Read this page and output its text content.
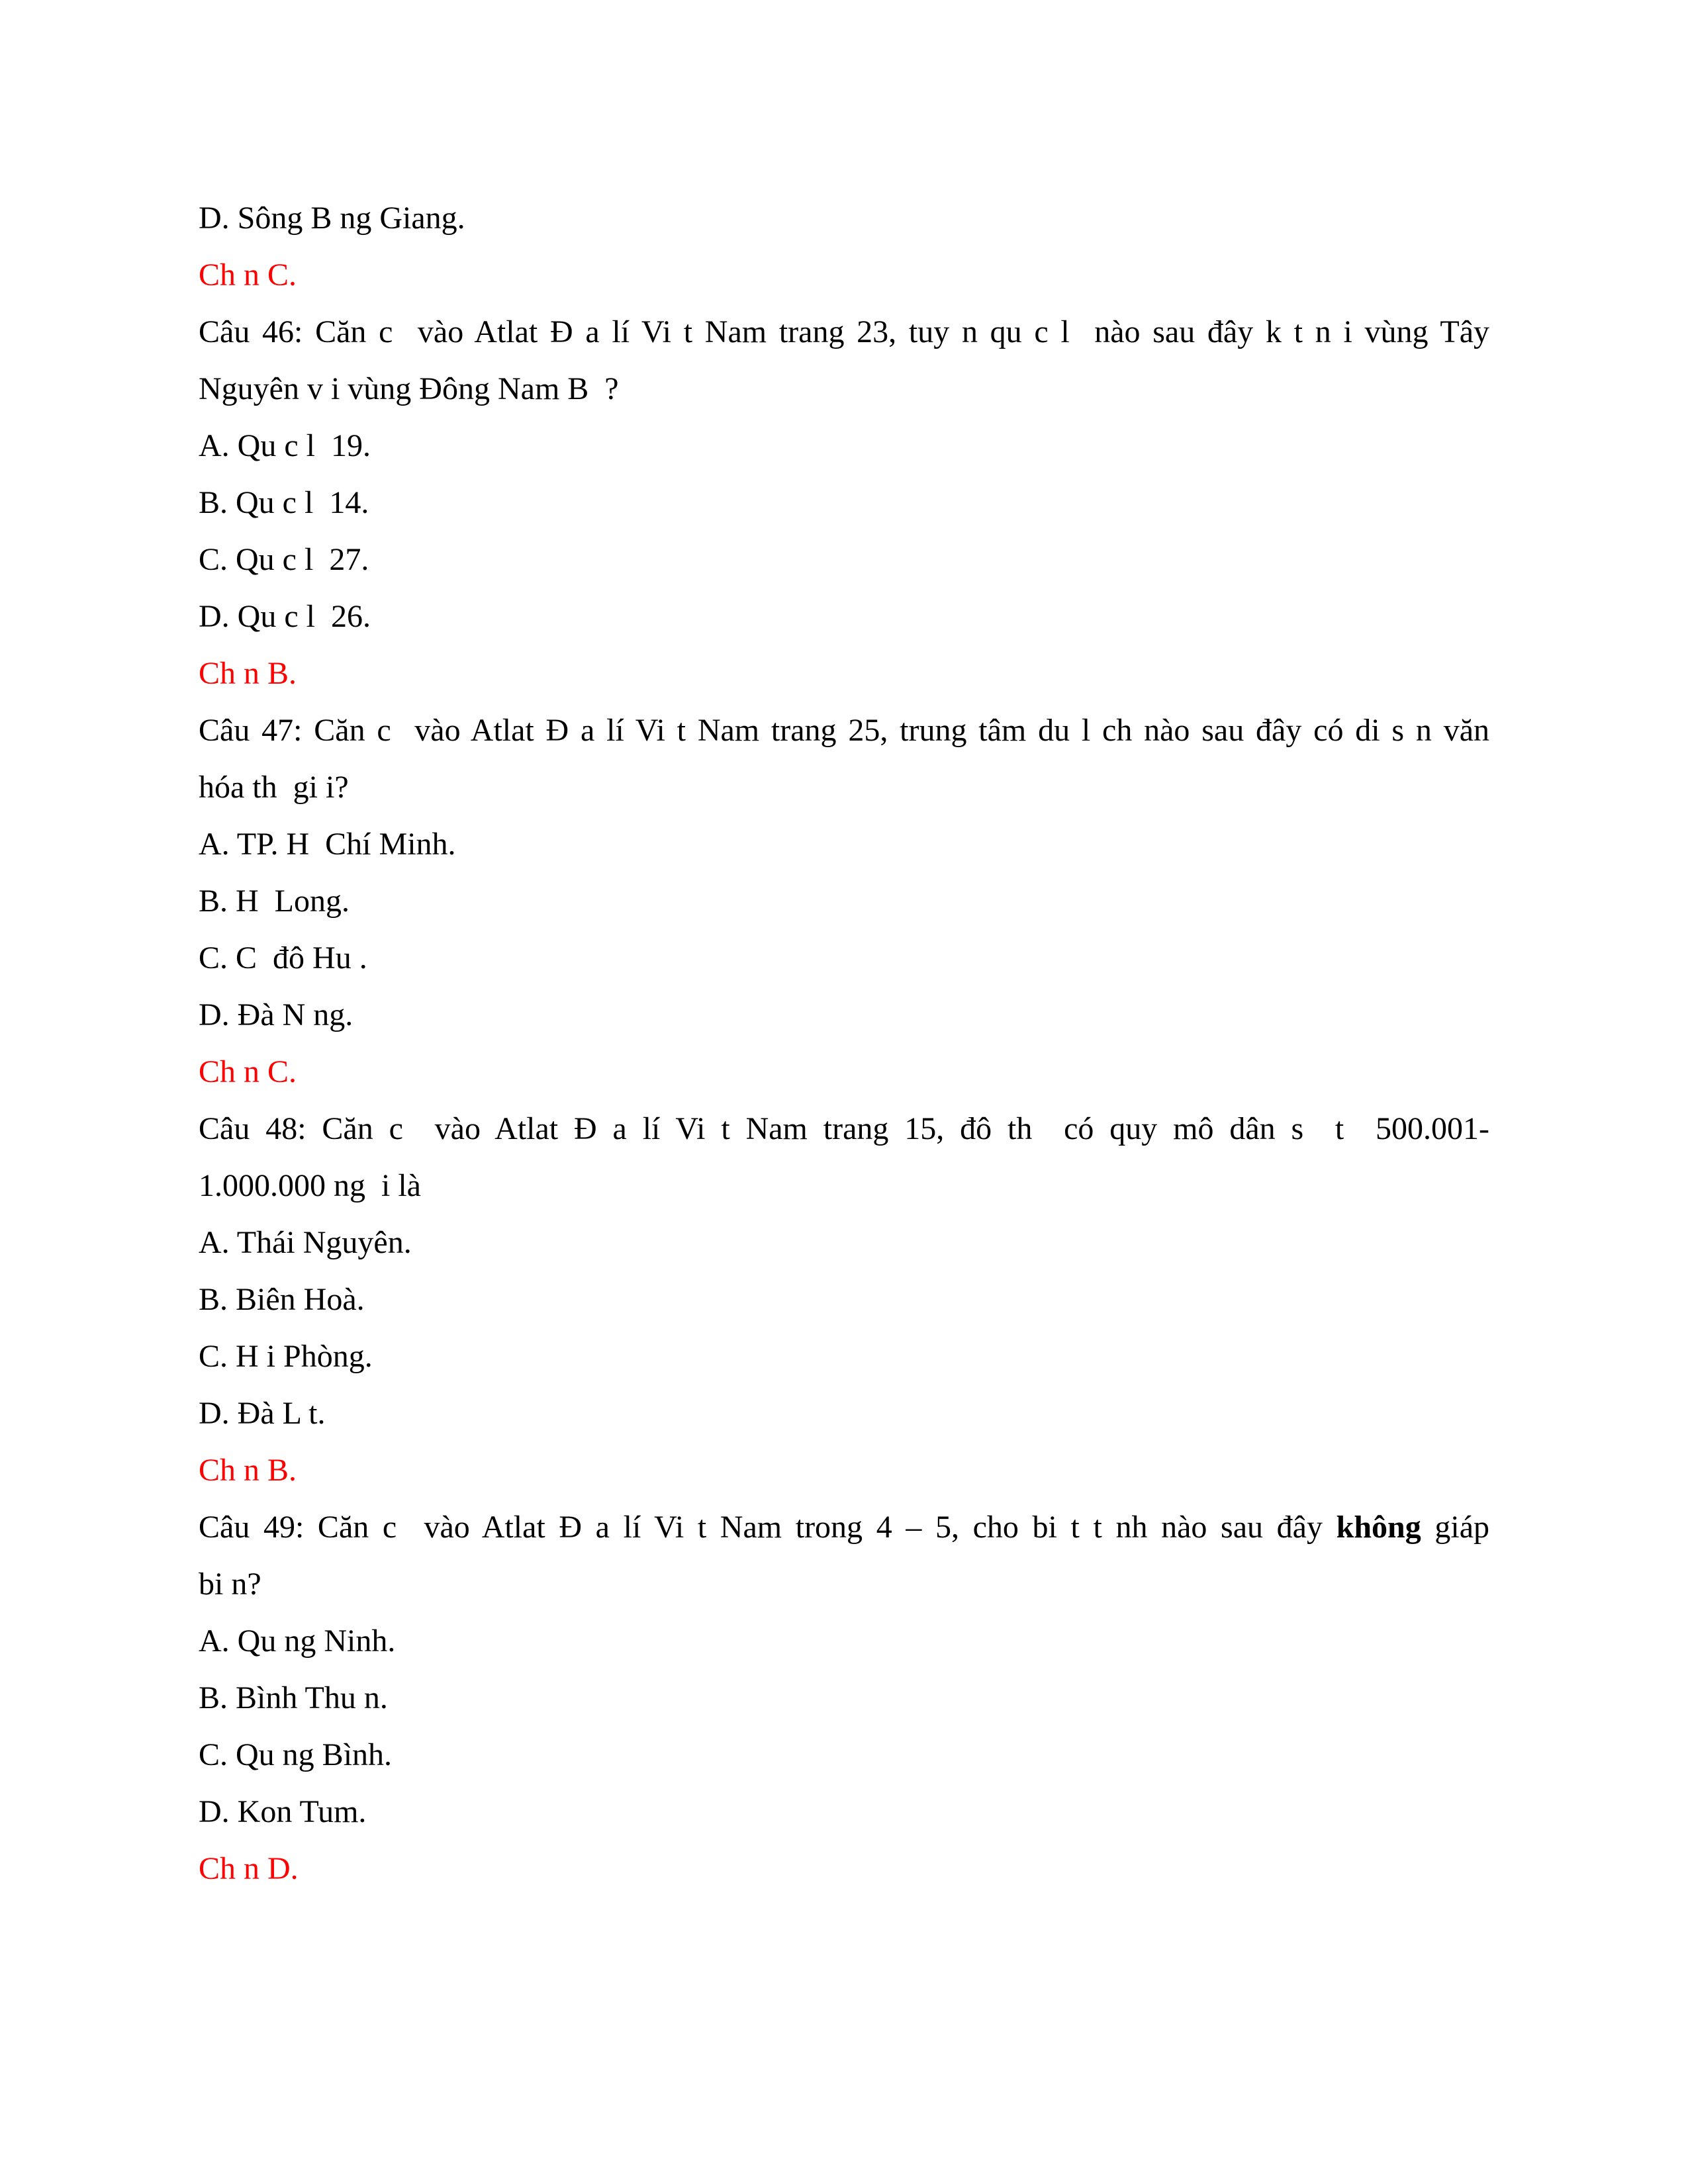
D. Sông B ng Giang.
Ch n C.
Câu 46: Căn c  vào Atlat Đ a lí Vi t Nam trang 23, tuy n qu c l  nào sau đây k t n i vùng Tây
Nguyên v i vùng Đông Nam B  ?
A. Qu c l  19.
B. Qu c l  14.
C. Qu c l  27.
D. Qu c l  26.
Ch n B.
Câu 47: Căn c  vào Atlat Đ a lí Vi t Nam trang 25, trung tâm du l ch nào sau đây có di s n văn
hóa th  gi i?
A. TP. H  Chí Minh.
B. H  Long.
C. C  đô Hu .
D. Đà N ng.
Ch n C.
Câu 48: Căn c  vào Atlat Đ a lí Vi t Nam trang 15, đô th  có quy mô dân s  t  500.001-
1.000.000 ng  i là
A. Thái Nguyên.
B. Biên Hoà.
C. H i Phòng.
D. Đà L t.
Ch n B.
Câu 49: Căn c  vào Atlat Đ a lí Vi t Nam trong 4 – 5, cho bi t t nh nào sau đây không giáp
bi n?
A. Qu ng Ninh.
B. Bình Thu n.
C. Qu ng Bình.
D. Kon Tum.
Ch n D.
